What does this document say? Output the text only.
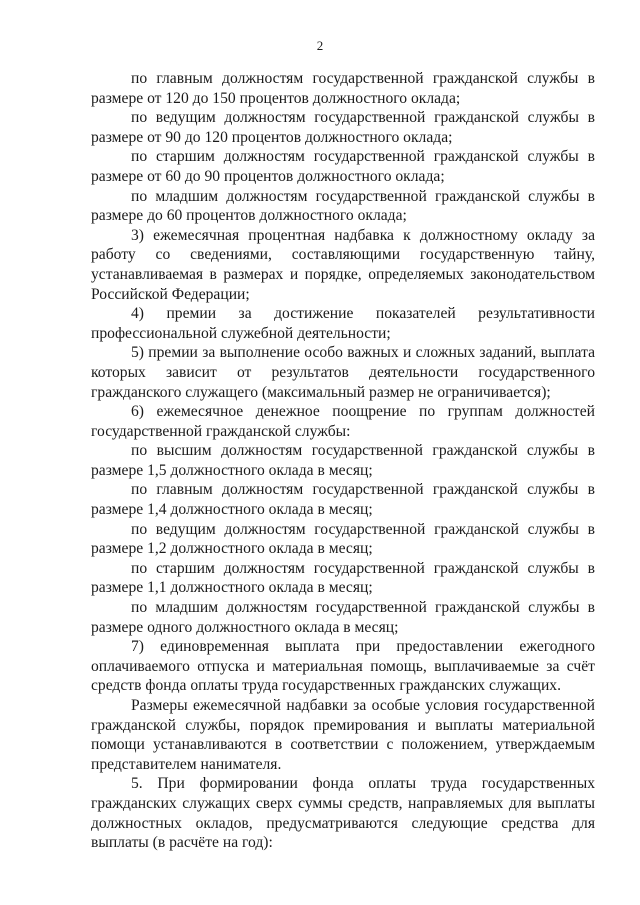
2

по главным должностям государственной гражданской службы в размере от 120 до 150 процентов должностного оклада;

по ведущим должностям государственной гражданской службы в размере от 90 до 120 процентов должностного оклада;

по старшим должностям государственной гражданской службы в размере от 60 до 90 процентов должностного оклада;

по младшим должностям государственной гражданской службы в размере до 60 процентов должностного оклада;

3) ежемесячная процентная надбавка к должностному окладу за работу со сведениями, составляющими государственную тайну, устанавливаемая в размерах и порядке, определяемых законодательством Российской Федерации;

4) премии за достижение показателей результативности профессиональной служебной деятельности;

5) премии за выполнение особо важных и сложных заданий, выплата которых зависит от результатов деятельности государственного гражданского служащего (максимальный размер не ограничивается);

6) ежемесячное денежное поощрение по группам должностей государственной гражданской службы:

по высшим должностям государственной гражданской службы в размере 1,5 должностного оклада в месяц;

по главным должностям государственной гражданской службы в размере 1,4 должностного оклада в месяц;

по ведущим должностям государственной гражданской службы в размере 1,2 должностного оклада в месяц;

по старшим должностям государственной гражданской службы в размере 1,1 должностного оклада в месяц;

по младшим должностям государственной гражданской службы в размере одного должностного оклада в месяц;

7) единовременная выплата при предоставлении ежегодного оплачиваемого отпуска и материальная помощь, выплачиваемые за счёт средств фонда оплаты труда государственных гражданских служащих.

Размеры ежемесячной надбавки за особые условия государственной гражданской службы, порядок премирования и выплаты материальной помощи устанавливаются в соответствии с положением, утверждаемым представителем нанимателя.

5. При формировании фонда оплаты труда государственных гражданских служащих сверх суммы средств, направляемых для выплаты должностных окладов, предусматриваются следующие средства для выплаты (в расчёте на год):
